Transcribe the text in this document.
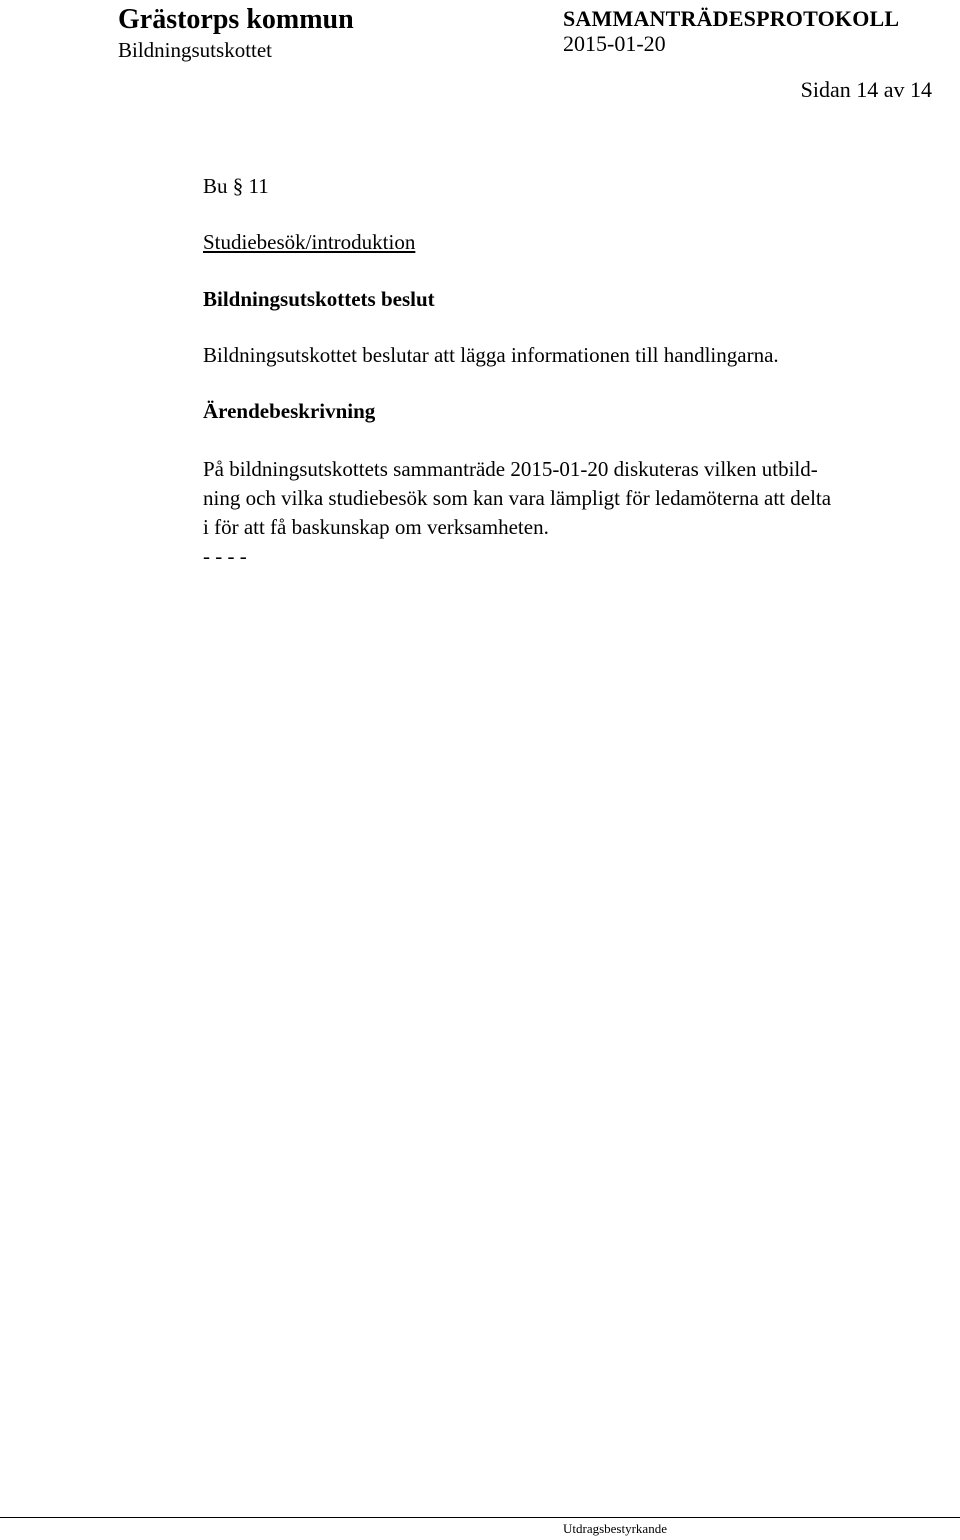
Grästorps kommun
Bildningsutskottet
SAMMANTRÄDESPROTOKOLL
2015-01-20
Sidan 14 av 14
Bu § 11
Studiebesök/introduktion
Bildningsutskottets beslut
Bildningsutskottet beslutar att lägga informationen till handlingarna.
Ärendebeskrivning
På bildningsutskottets sammanträde 2015-01-20 diskuteras vilken utbild-
ning och vilka studiebesök som kan vara lämpligt för ledamöterna att delta
i för att få baskunskap om verksamheten.
- - - -
Utdragsbestyrkande
